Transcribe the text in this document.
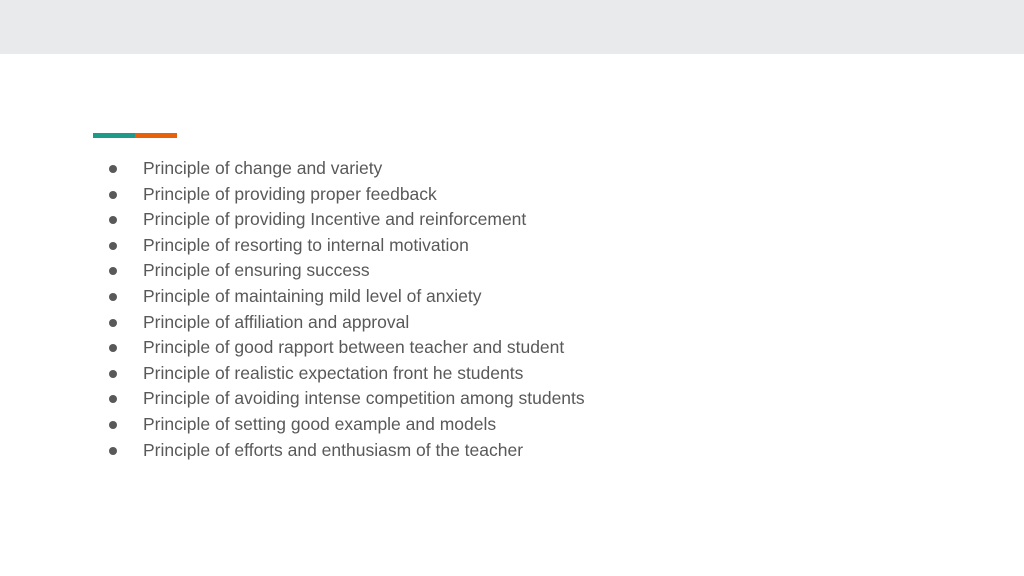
Principle of change and variety
Principle of providing proper feedback
Principle of providing Incentive and reinforcement
Principle of resorting to internal motivation
Principle of ensuring success
Principle of maintaining mild level of anxiety
Principle of affiliation and approval
Principle of good rapport between teacher and student
Principle of realistic expectation front he students
Principle of avoiding intense competition among students
Principle of setting good example and models
Principle of efforts and enthusiasm of the teacher
